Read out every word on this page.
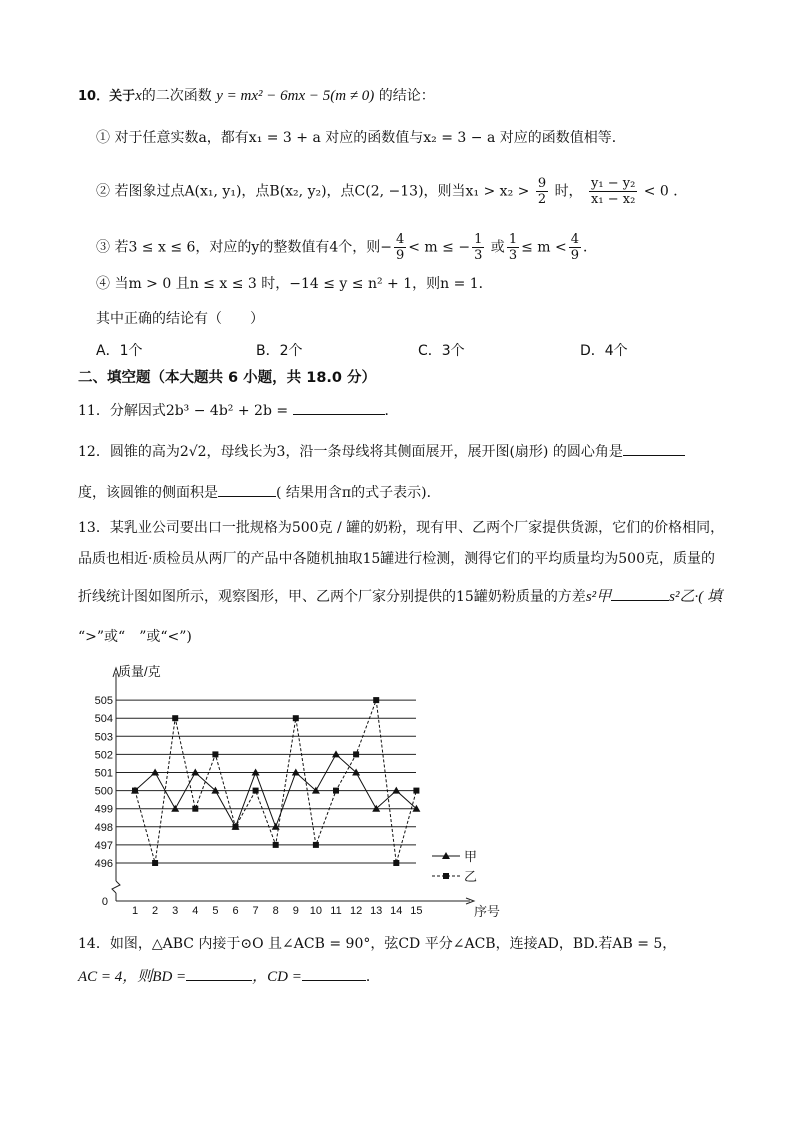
10．关于x的二次函数 y = mx² − 6mx − 5(m ≠ 0) 的结论：
① 对于任意实数a，都有x₁ = 3 + a 对应的函数值与x₂ = 3 − a 对应的函数值相等．
② 若图象过点A(x₁, y₁)，点B(x₂, y₂)，点C(2, −13)，则当$x_1 > x_2 > \frac{9}{2}$ 时， $\frac{\text{y₁ − y₂}}{\text{x₁ − x₂}} < 0$ ．
③ 若3 ≤ x ≤ 6，对应的y的整数值有4个，则− $\frac{4}{9} < m$ ≤ − $\frac{1}{3}$ 或 $\frac{1}{3} \le m < \frac{4}{9}$ ．
④ 当m > 0 且n ≤ x ≤ 3 时，−14 ≤ y ≤ n² + 1，则n = 1．
其中正确的结论有（　　）
A．1个	B．2个	C．3个	D．4个
二、填空题（本大题共 6 小题，共 18.0 分）
11．分解因式2b³ − 4b² + 2b =	．
12．圆锥的高为2√2，母线长为3，沿一条母线将其侧面展开，展开图(扇形) 的圆心角是
度，该圆锥的侧面积是	( 结果用含π的式子表示)．
13．某乳业公司要出口一批规格为500克 / 罐的奶粉，现有甲、乙两个厂家提供货源，它们的价格相同，
品质也相近·质检员从两厂的产品中各随机抽取15罐进行检测，测得它们的平均质量均为500克，质量的
折线统计图如图所示，观察图形，甲、乙两个厂家分别提供的15罐奶粉质量的方差s²甲	s²乙·( 填
“>”或“　”或“<”)
496
497
498
499
500
501
502
503
504
505
0
质量/克
序号
1 2 3 4 5 6 7 8 9 10 11 12 13 14 15
甲
乙
14．如图，△ABC 内接于⊙O 且∠ACB = 90°，弦CD 平分∠ACB，连接AD，BD.若AB = 5，
AC = 4，则BD =	，CD =	．
